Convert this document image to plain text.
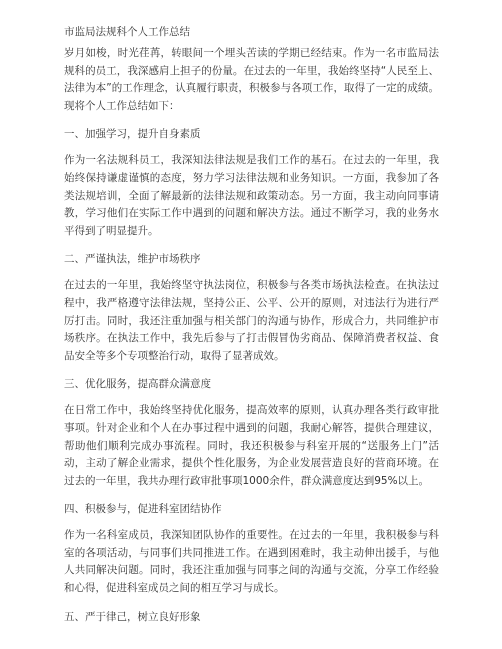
市监局法规科个人工作总结

岁月如梭，时光荏苒，转眼间一个埋头苦读的学期已经结束。作为一名市监局法规科的员工，我深感肩上担子的份量。在过去的一年里，我始终坚持“人民至上、法律为本”的工作理念，认真履行职责，积极参与各项工作，取得了一定的成绩。现将个人工作总结如下：

一、加强学习，提升自身素质

作为一名法规科员工，我深知法律法规是我们工作的基石。在过去的一年里，我始终保持谦虚谨慎的态度，努力学习法律法规和业务知识。一方面，我参加了各类法规培训，全面了解最新的法律法规和政策动态。另一方面，我主动向同事请教，学习他们在实际工作中遇到的问题和解决方法。通过不断学习，我的业务水平得到了明显提升。

二、严谨执法，维护市场秩序

在过去的一年里，我始终坚守执法岗位，积极参与各类市场执法检查。在执法过程中，我严格遵守法律法规，坚持公正、公平、公开的原则，对违法行为进行严厉打击。同时，我还注重加强与相关部门的沟通与协作，形成合力，共同维护市场秩序。在执法工作中，我先后参与了打击假冒伪劣商品、保障消费者权益、食品安全等多个专项整治行动，取得了显著成效。

三、优化服务，提高群众满意度

在日常工作中，我始终坚持优化服务，提高效率的原则，认真办理各类行政审批事项。针对企业和个人在办事过程中遇到的问题，我耐心解答，提供合理建议，帮助他们顺利完成办事流程。同时，我还积极参与科室开展的“送服务上门”活动，主动了解企业需求，提供个性化服务，为企业发展营造良好的营商环境。在过去的一年里，我共办理行政审批事项1000余件，群众满意度达到95%以上。

四、积极参与，促进科室团结协作

作为一名科室成员，我深知团队协作的重要性。在过去的一年里，我积极参与科室的各项活动，与同事们共同推进工作。在遇到困难时，我主动伸出援手，与他人共同解决问题。同时，我还注重加强与同事之间的沟通与交流，分享工作经验和心得，促进科室成员之间的相互学习与成长。

五、严于律己，树立良好形象
